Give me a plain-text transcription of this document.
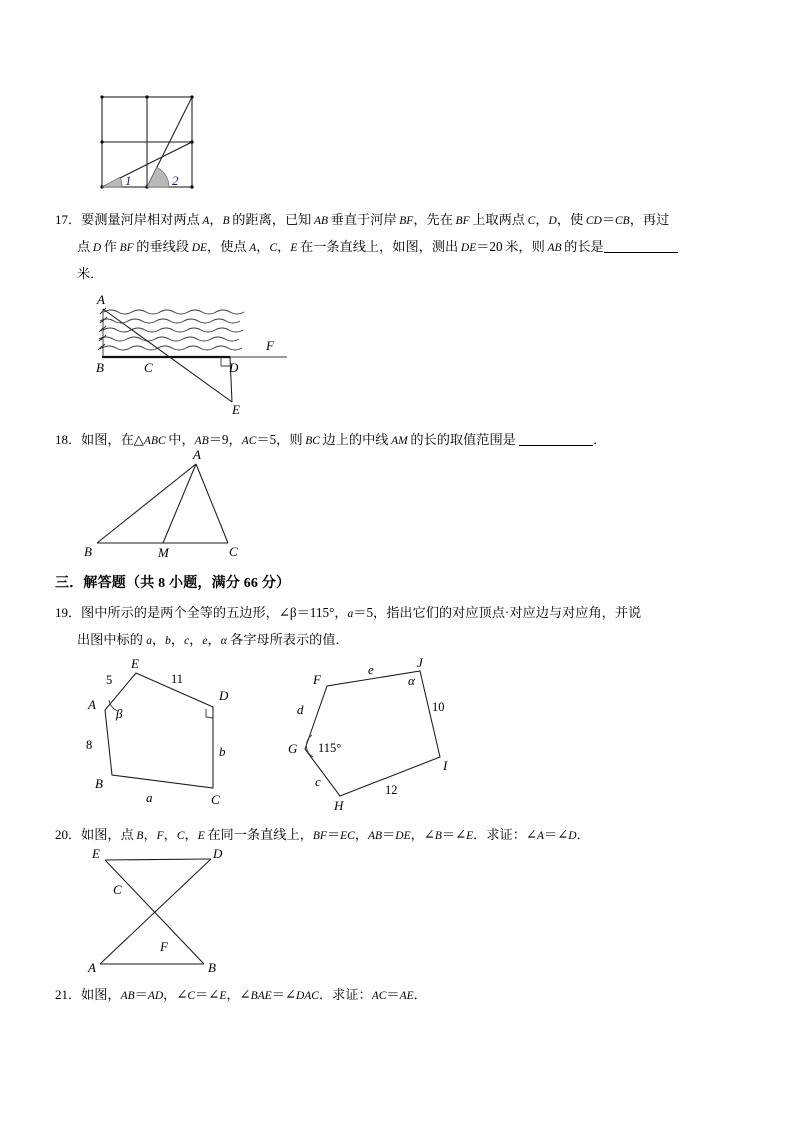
1	2
17．要测量河岸相对两点 A，B 的距离，已知 AB 垂直于河岸 BF，先在 BF 上取两点 C，D，使 CD＝CB，再过
点 D 作 BF 的垂线段 DE，使点 A，C，E 在一条直线上，如图，测出 DE＝20 米，则 AB 的长是
米．
A
B	C	D
E
F
18．如图，在△ABC 中，AB＝9，AC＝5，则 BC 边上的中线 AM 的长的取值范围是	．
A
B	M	C
三．解答题（共 8 小题，满分 66 分）
19．图中所示的是两个全等的五边形，∠β＝115°，a＝5，指出它们的对应顶点·对应边与对应角，并说
出图中标的 a，b，c，e，α 各字母所表示的值．
A
B
C
D
E
5	11
8
a
b
β
F
G
H
I
J
e
10
12
c
d
α
115°
20．如图，点 B，F，C，E 在同一条直线上，BF＝EC，AB＝DE，∠B＝∠E．求证：∠A＝∠D．
E	D
A	B
C
F
21．如图，AB＝AD，∠C＝∠E，∠BAE＝∠DAC．求证：AC＝AE．
